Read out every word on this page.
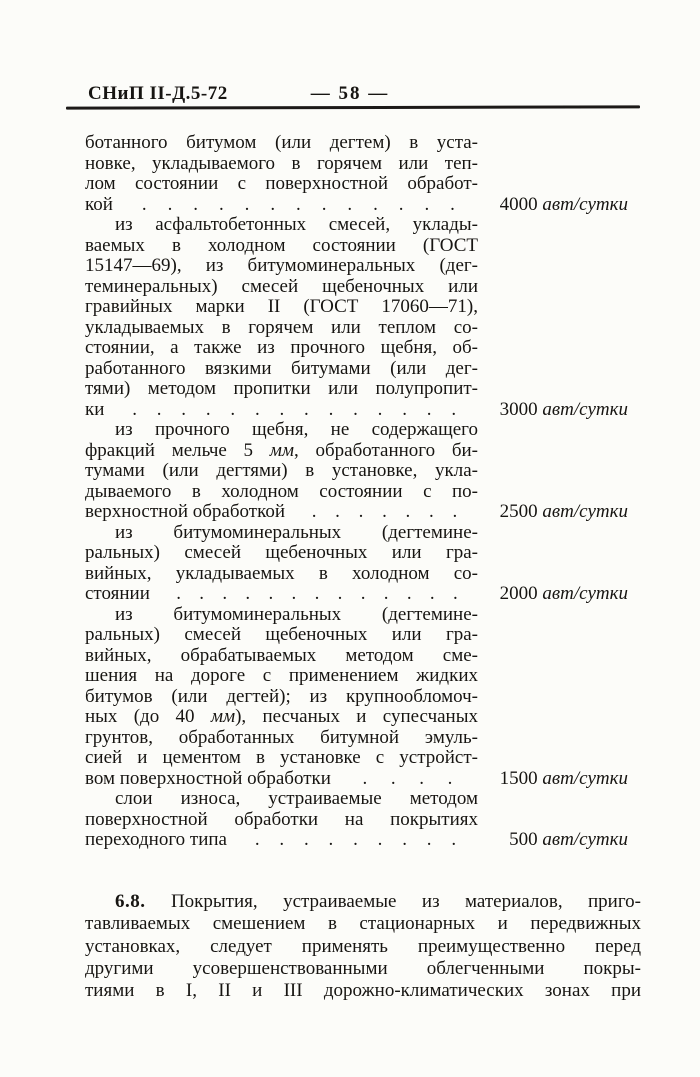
СНиП II-Д.5-72	— 58 —
ботанного битумом (или дегтем) в уста-
новке, укладываемого в горячем или теп-
лом состоянии с поверхностной обработ-
кой . . . . . . . . . . . . . 4000 авт/сутки
из асфальтобетонных смесей, уклады-
ваемых в холодном состоянии (ГОСТ
15147—69), из битумоминеральных (дег-
теминеральных) смесей щебеночных или
гравийных марки II (ГОСТ 17060—71),
укладываемых в горячем или теплом со-
стоянии, а также из прочного щебня, об-
работанного вязкими битумами (или дег-
тями) методом пропитки или полупропит-
ки . . . . . . . . . . . . . . 3000 авт/сутки
из прочного щебня, не содержащего
фракций мельче 5 мм, обработанного би-
тумами (или дегтями) в установке, укла-
дываемого в холодном состоянии с по-
верхностной обработкой . . . . . . . 2500 авт/сутки
из битумоминеральных (дегтемине-
ральных) смесей щебеночных или гра-
вийных, укладываемых в холодном со-
стоянии . . . . . . . . . . . . . 2000 авт/сутки
из битумоминеральных (дегтемине-
ральных) смесей щебеночных или гра-
вийных, обрабатываемых методом сме-
шения на дороге с применением жидких
битумов (или дегтей); из крупнообломоч-
ных (до 40 мм), песчаных и супесчаных
грунтов, обработанных битумной эмуль-
сией и цементом в установке с устройст-
вом поверхностной обработки . . . . 1500 авт/сутки
слои износа, устраиваемые методом
поверхностной обработки на покрытиях
переходного типа . . . . . . . . .	500 авт/сутки
6.8. Покрытия, устраиваемые из материалов, приго-
тавливаемых смешением в стационарных и передвижных
установках, следует применять преимущественно перед
другими усовершенствованными облегченными покры-
тиями в I, II и III дорожно-климатических зонах при
